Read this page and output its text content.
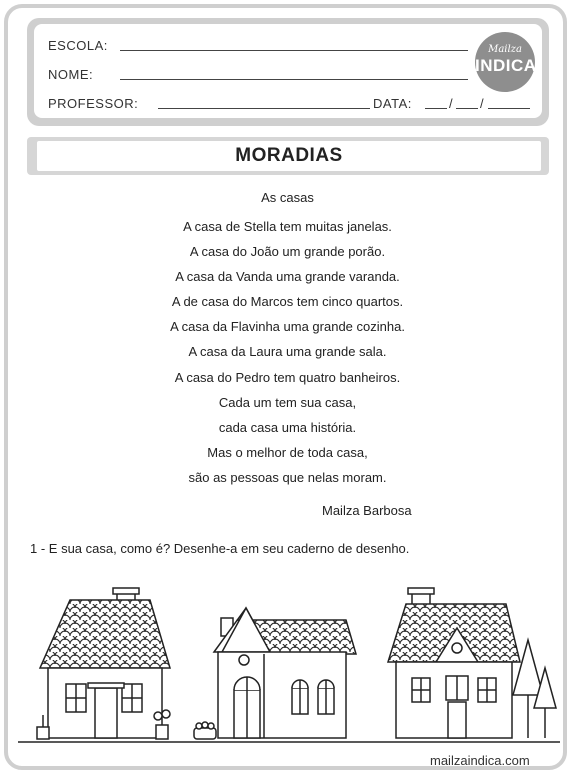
ESCOLA:
NOME:
PROFESSOR:	DATA:	/ /
Mailza
INDICA
MORADIAS
As casas
A casa de Stella tem muitas janelas.
A casa do João um grande porão.
A casa da Vanda uma grande varanda.
A de casa do Marcos tem cinco quartos.
A casa da Flavinha uma grande cozinha.
A casa da Laura uma grande sala.
A casa do Pedro tem quatro banheiros.
Cada um tem sua casa,
cada casa uma história.
Mas o melhor de toda casa,
são as pessoas que nelas moram.
Mailza Barbosa
1 - E sua casa, como é? Desenhe-a em seu caderno de desenho.
mailzaindica.com
